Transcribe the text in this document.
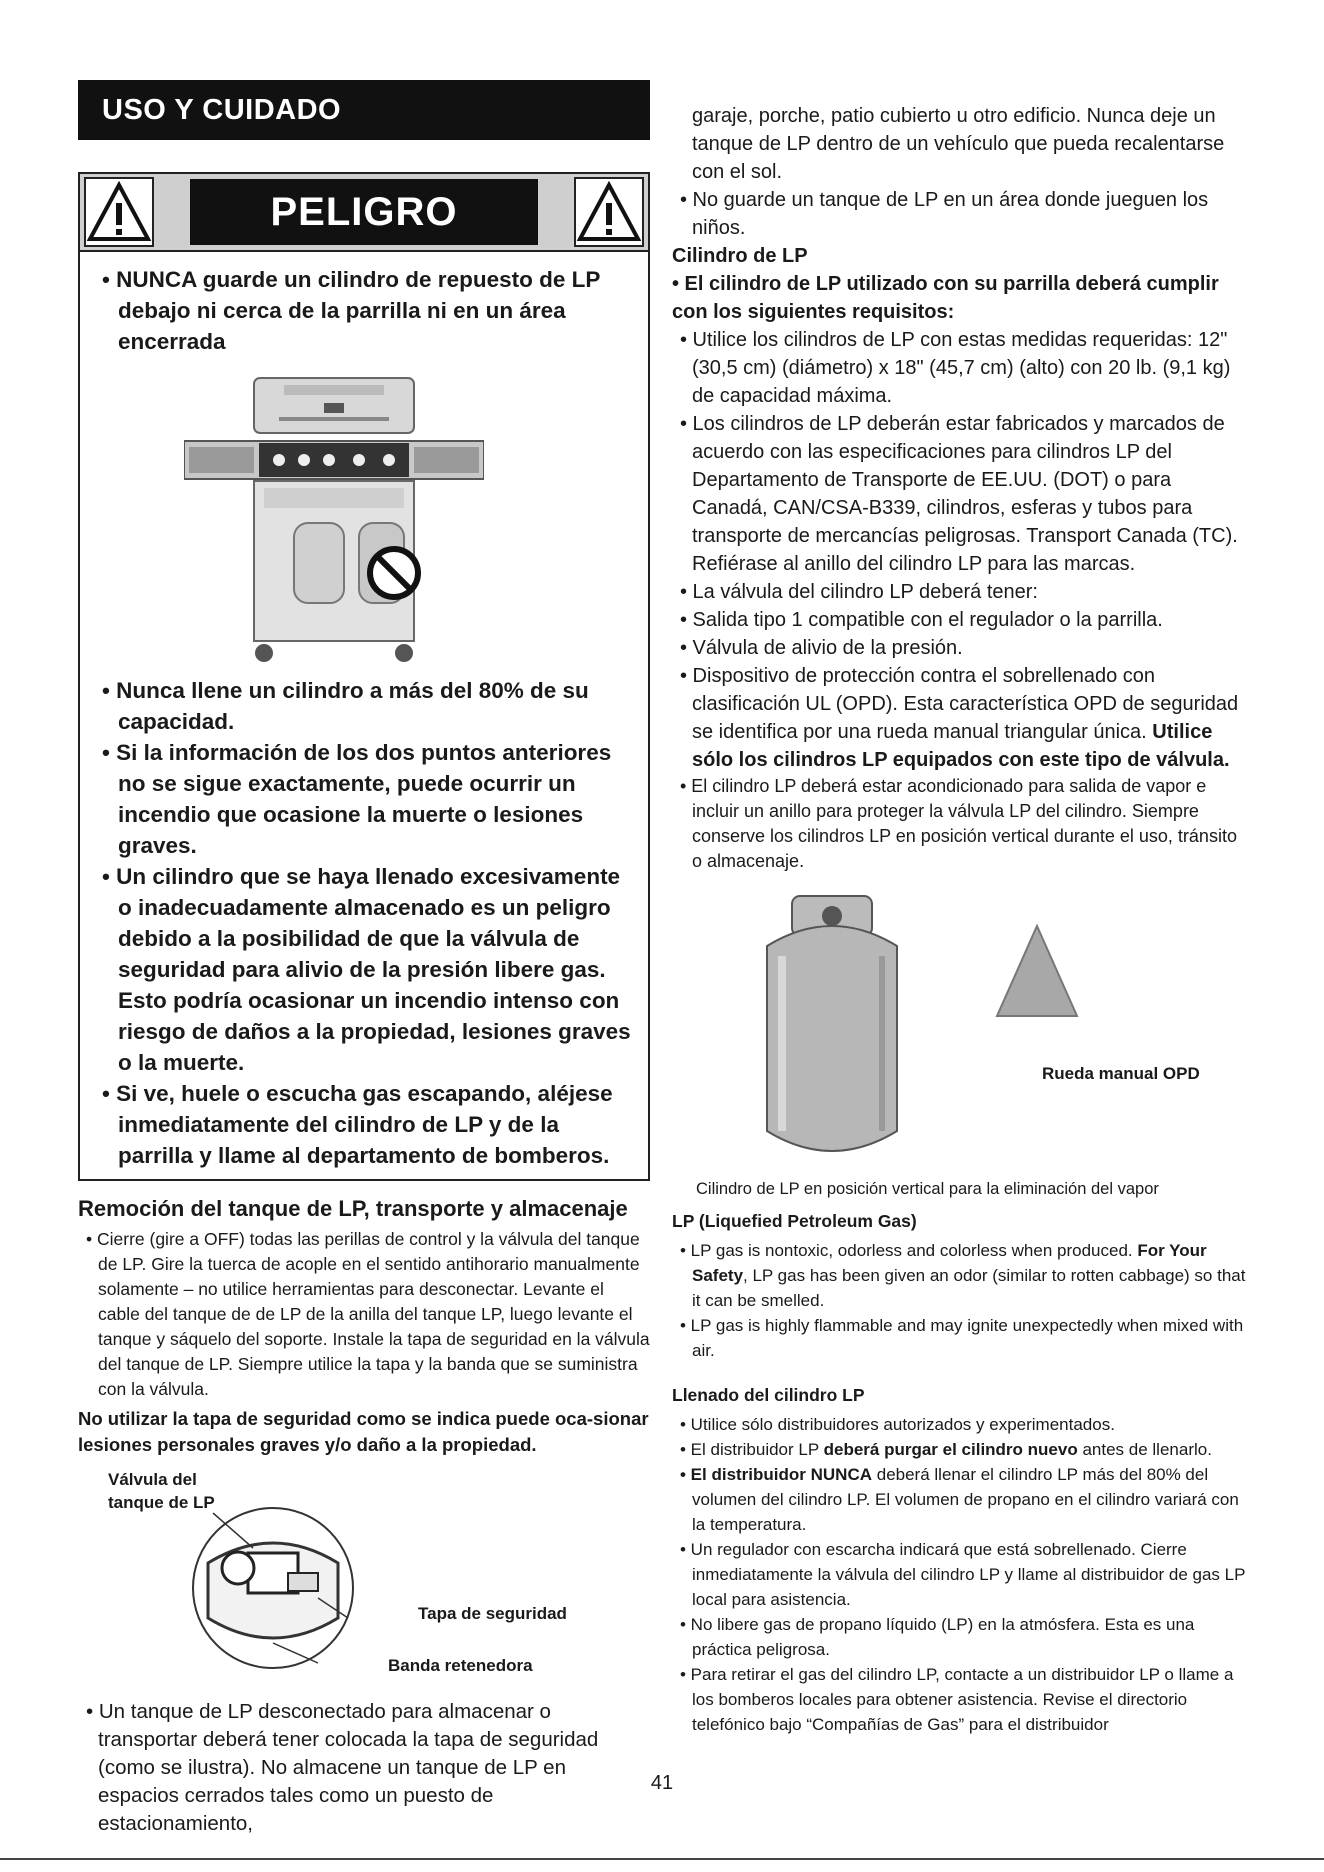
USO Y CUIDADO
PELIGRO

• NUNCA guarde un cilindro de repuesto de LP debajo ni cerca de la parrilla ni en un área encerrada

• Nunca llene un cilindro a más del 80% de su capacidad.

• Si la información de los dos puntos anteriores no se sigue exactamente, puede ocurrir un incendio que ocasione la muerte o lesiones graves.

• Un cilindro que se haya llenado excesivamente o inadecuadamente almacenado es un peligro debido a la posibilidad de que la válvula de seguridad para alivio de la presión libere gas. Esto podría ocasionar un incendio intenso con riesgo de daños a la propiedad, lesiones graves o la muerte.

• Si ve, huele o escucha gas escapando, aléjese inmediatamente del cilindro de LP y de la parrilla y llame al departamento de bomberos.

Remoción del tanque de LP, transporte y almacenaje

• Cierre (gire a OFF) todas las perillas de control y la válvula del tanque de LP. Gire la tuerca de acople en el sentido antihorario manualmente solamente – no utilice herramientas para desconectar. Levante el cable del tanque de de LP de la anilla del tanque LP, luego levante el tanque y sáquelo del soporte. Instale la tapa de seguridad en la válvula del tanque de LP. Siempre utilice la tapa y la banda que se suministra con la válvula.

No utilizar la tapa de seguridad como se indica puede oca-sionar lesiones personales graves y/o daño a la propiedad.

Válvula del
tanque de LP
Tapa de seguridad
Banda retenedora

• Un tanque de LP desconectado para almacenar o transportar deberá tener colocada la tapa de seguridad (como se ilustra). No almacene un tanque de LP en espacios cerrados tales como un puesto de estacionamiento,

garaje, porche, patio cubierto u otro edificio. Nunca deje un tanque de LP dentro de un vehículo que pueda recalentarse con el sol.

• No guarde un tanque de LP en un área donde jueguen los niños.

Cilindro de LP

• El cilindro de LP utilizado con su parrilla deberá cumplir con los siguientes requisitos:

• Utilice los cilindros de LP con estas medidas requeridas: 12" (30,5 cm) (diámetro) x 18" (45,7 cm) (alto) con 20 lb. (9,1 kg) de capacidad máxima.

• Los cilindros de LP deberán estar fabricados y marcados de acuerdo con las especificaciones para cilindros LP del Departamento de Transporte de EE.UU. (DOT) o para Canadá, CAN/CSA-B339, cilindros, esferas y tubos para transporte de mercancías peligrosas. Transport Canada (TC). Refiérase al anillo del cilindro LP para las marcas.

• La válvula del cilindro LP deberá tener:

• Salida tipo 1 compatible con el regulador o la parrilla.

• Válvula de alivio de la presión.

• Dispositivo de protección contra el sobrellenado con clasificación UL (OPD). Esta característica OPD de seguridad se identifica por una rueda manual triangular única. Utilice sólo los cilindros LP equipados con este tipo de válvula.

• El cilindro LP deberá estar acondicionado para salida de vapor e incluir un anillo para proteger la válvula LP del cilindro. Siempre conserve los cilindros LP en posición vertical durante el uso, tránsito o almacenaje.

Rueda manual OPD

Cilindro de LP en posición vertical para la eliminación del vapor

LP (Liquefied Petroleum Gas)

• LP gas is nontoxic, odorless and colorless when produced. For Your Safety, LP gas has been given an odor (similar to rotten cabbage) so that it can be smelled.

• LP gas is highly flammable and may ignite unexpectedly when mixed with air.

Llenado del cilindro LP

• Utilice sólo distribuidores autorizados y experimentados.

• El distribuidor LP deberá purgar el cilindro nuevo antes de llenarlo.

• El distribuidor NUNCA deberá llenar el cilindro LP más del 80% del volumen del cilindro LP. El volumen de propano en el cilindro variará con la temperatura.

• Un regulador con escarcha indicará que está sobrellenado. Cierre inmediatamente la válvula del cilindro LP y llame al distribuidor de gas LP local para asistencia.

• No libere gas de propano líquido (LP) en la atmósfera. Esta es una práctica peligrosa.

• Para retirar el gas del cilindro LP, contacte a un distribuidor LP o llame a los bomberos locales para obtener asistencia. Revise el directorio telefónico bajo “Compañías de Gas” para el distribuidor

41
